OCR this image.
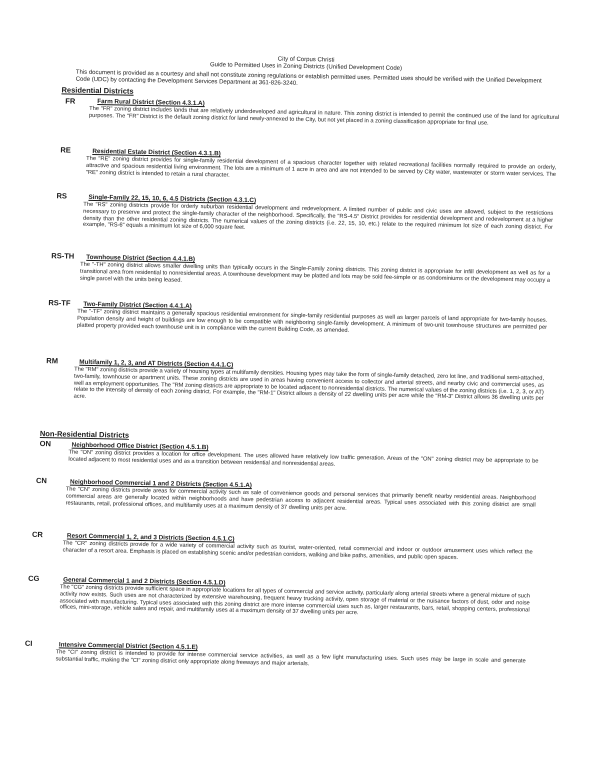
City of Corpus Christi
Guide to Permitted Uses in Zoning Districts (Unified Development Code)
This document is provided as a courtesy and shall not constitute zoning regulations or establish permitted uses. Permitted uses should be verified with the Unified Development Code (UDC) by contacting the Development Services Department at 361-826-3240.
Residential Districts
FR	Farm Rural District (Section 4.3.1.A)
The "FR" zoning district includes lands that are relatively underdeveloped and agricultural in nature. This zoning district is intended to permit the continued use of the land for agricultural purposes. The "FR" District is the default zoning district for land newly-annexed to the City, but not yet placed in a zoning classification appropriate for final use.
RE	Residential Estate District (Section 4.3.1.B)
The "RE" zoning district provides for single-family residential development of a spacious character together with related recreational facilities normally required to provide an orderly, attractive and spacious residential living environment. The lots are a minimum of 1 acre in area and are not intended to be served by City water, wastewater or storm water services. The "RE" zoning district is intended to retain a rural character.
RS	Single-Family 22, 15, 10, 6, 4.5 Districts (Section 4.3.1.C)
The "RS" zoning districts provide for orderly suburban residential development and redevelopment. A limited number of public and civic uses are allowed, subject to the restrictions necessary to preserve and protect the single-family character of the neighborhood. Specifically, the "RS-4.5" District provides for residential development and redevelopment at a higher density than the other residential zoning districts. The numerical values of the zoning districts (i.e. 22, 15, 10, etc.) relate to the required minimum lot size of each zoning district. For example, "RS-6" equals a minimum lot size of 6,000 square feet.
RS-TH Townhouse District (Section 4.4.1.B)
The "-TH" zoning district allows smaller dwelling units than typically occurs in the Single-Family zoning districts. This zoning district is appropriate for infill development as well as for a transitional area from residential to nonresidential areas. A townhouse development may be platted and lots may be sold fee-simple or as condominiums or the development may occupy a single parcel with the units being leased.
RS-TF Two-Family District (Section 4.4.1.A)
The "-TF" zoning district maintains a generally spacious residential environment for single-family residential purposes as well as larger parcels of land appropriate for two-family houses. Population density and height of buildings are low enough to be compatible with neighboring single-family development. A minimum of two-unit townhouse structures are permitted per platted property provided each townhouse unit is in compliance with the current Building Code, as amended.
RM	Multifamily 1, 2, 3, and AT Districts (Section 4.4.1.C)
The "RM" zoning districts provide a variety of housing types at multifamily densities. Housing types may take the form of single-family detached, zero lot line, and traditional semi-attached, two-family, townhouse or apartment units. These zoning districts are used in areas having convenient access to collector and arterial streets, and nearby civic and commercial uses, as well as employment opportunities. The "RM zoning districts are appropriate to be located adjacent to nonresidential districts. The numerical values of the zoning districts (i.e. 1, 2, 3, or AT) relate to the intensity of density of each zoning district. For example, the "RM-1" District allows a density of 22 dwelling units per acre while the "RM-3" District allows 36 dwelling units per acre.
Non-Residential Districts
ON	Neighborhood Office District (Section 4.5.1.B)
The "ON" zoning district provides a location for office development. The uses allowed have relatively low traffic generation. Areas of the "ON" zoning district may be appropriate to be located adjacent to most residential uses and as a transition between residential and nonresidential areas.
CN	Neighborhood Commercial 1 and 2 Districts (Section 4.5.1.A)
The "CN" zoning districts provide areas for commercial activity such as sale of convenience goods and personal services that primarily benefit nearby residential areas. Neighborhood commercial areas are generally located within neighborhoods and have pedestrian access to adjacent residential areas. Typical uses associated with this zoning district are small restaurants, retail, professional offices, and multifamily uses at a maximum density of 37 dwelling units per acre.
CR	Resort Commercial 1, 2, and 3 Districts (Section 4.5.1.C)
The "CR" zoning districts provide for a wide variety of commercial activity such as tourist, water-oriented, retail commercial and indoor or outdoor amusement uses which reflect the character of a resort area. Emphasis is placed on establishing scenic and/or pedestrian corridors, walking and bike paths, amenities, and public open spaces.
CG	General Commercial 1 and 2 Districts (Section 4.5.1.D)
The "CG" zoning districts provide sufficient space in appropriate locations for all types of commercial and service activity, particularly along arterial streets where a general mixture of such activity now exists. Such uses are not characterized by extensive warehousing, frequent heavy trucking activity, open storage of material or the nuisance factors of dust, odor and noise associated with manufacturing. Typical uses associated with this zoning district are more intense commercial uses such as, larger restaurants, bars, retail, shopping centers, professional offices, mini-storage, vehicle sales and repair, and multifamily uses at a maximum density of 37 dwelling units per acre.
CI	Intensive Commercial District (Section 4.5.1.E)
The "CI" zoning district is intended to provide for intense commercial service activities, as well as a few light manufacturing uses. Such uses may be large in scale and generate substantial traffic, making the "CI" zoning district only appropriate along freeways and major arterials.
